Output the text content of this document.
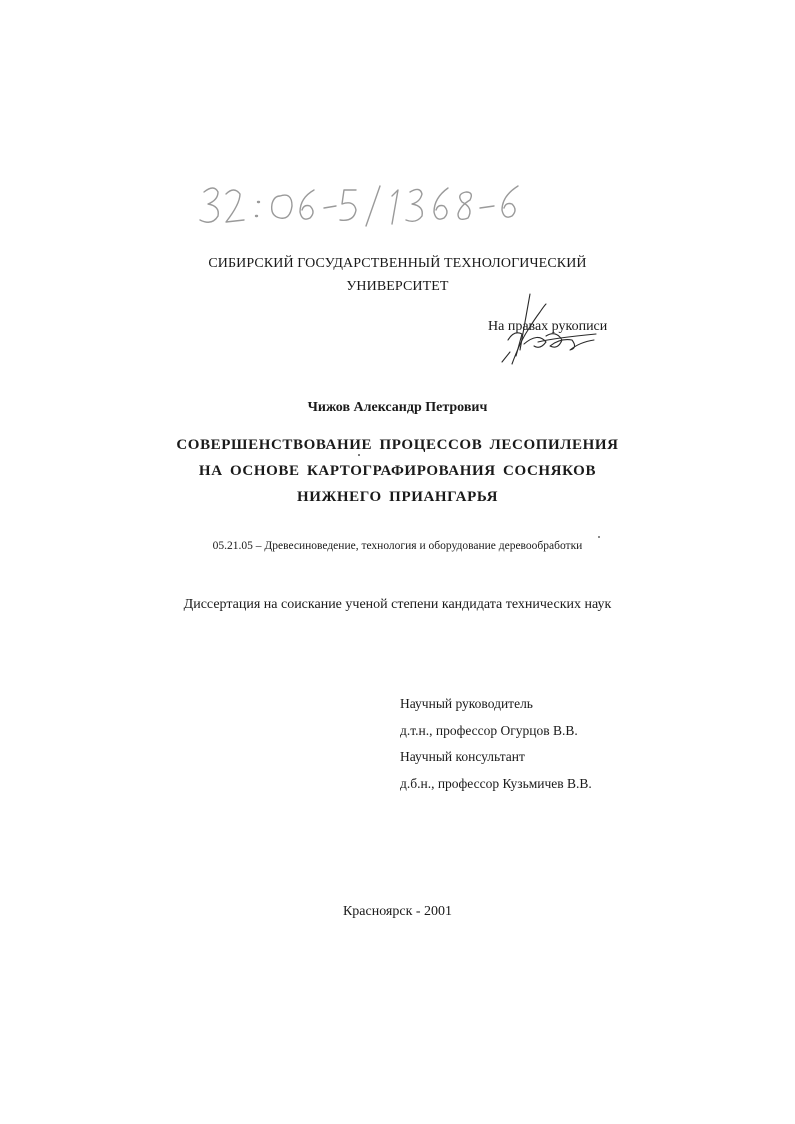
СИБИРСКИЙ ГОСУДАРСТВЕННЫЙ ТЕХНОЛОГИЧЕСКИЙ
УНИВЕРСИТЕТ
На правах рукописи
Чижов Александр Петрович
СОВЕРШЕНСТВОВАНИЕ ПРОЦЕССОВ ЛЕСОПИЛЕНИЯ
НА ОСНОВЕ КАРТОГРАФИРОВАНИЯ СОСНЯКОВ
НИЖНЕГО ПРИАНГАРЬЯ
05.21.05 – Древесиноведение, технология и оборудование деревообработки
Диссертация на соискание ученой степени кандидата технических наук
Научный руководитель
д.т.н., профессор Огурцов В.В.
Научный консультант
д.б.н., профессор Кузьмичев В.В.
Красноярск - 2001
